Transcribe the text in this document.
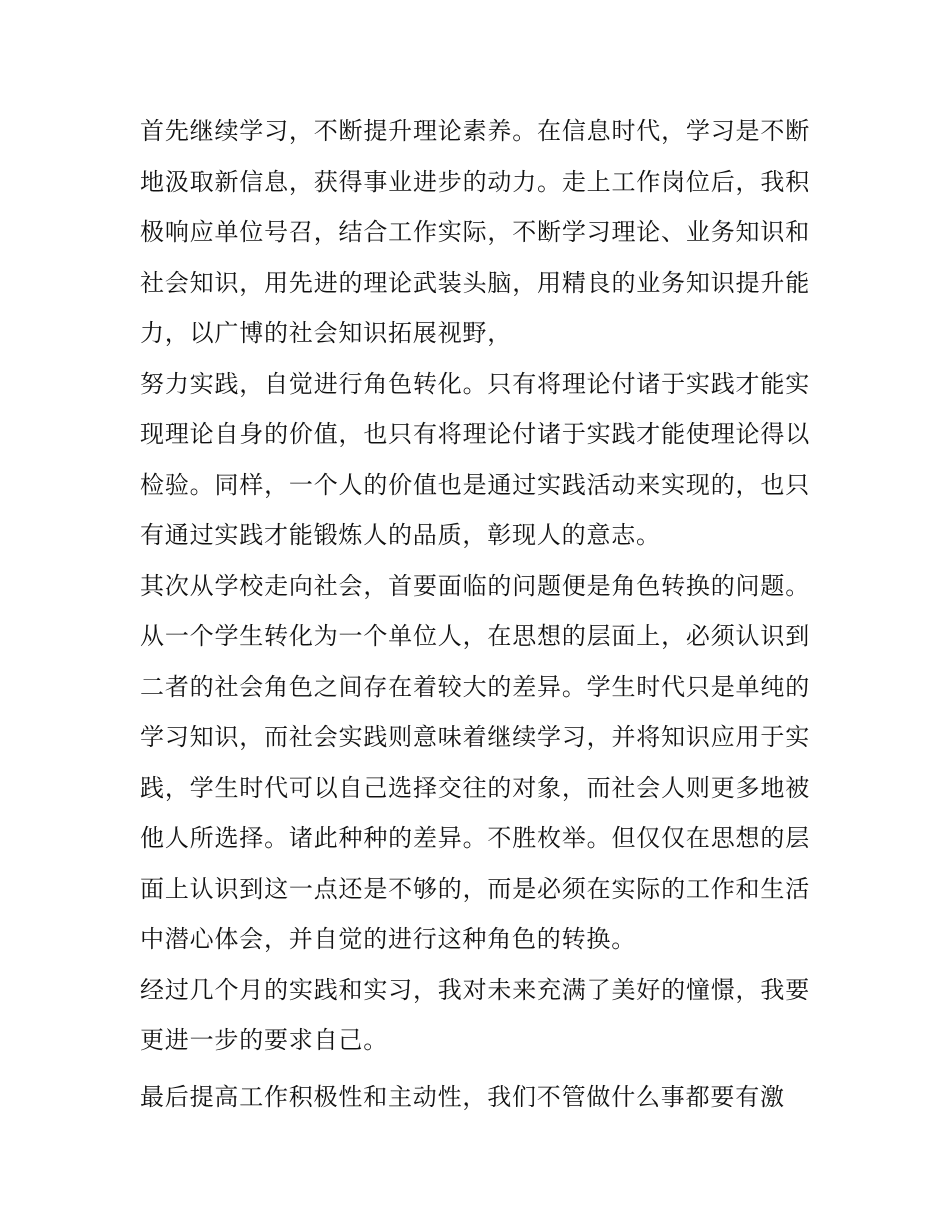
首先继续学习，不断提升理论素养。在信息时代，学习是不断地汲取新信息，获得事业进步的动力。走上工作岗位后，我积极响应单位号召，结合工作实际，不断学习理论、业务知识和社会知识，用先进的理论武装头脑，用精良的业务知识提升能力，以广博的社会知识拓展视野，

努力实践，自觉进行角色转化。只有将理论付诸于实践才能实现理论自身的价值，也只有将理论付诸于实践才能使理论得以检验。同样，一个人的价值也是通过实践活动来实现的，也只有通过实践才能锻炼人的品质，彰现人的意志。

其次从学校走向社会，首要面临的问题便是角色转换的问题。从一个学生转化为一个单位人，在思想的层面上，必须认识到二者的社会角色之间存在着较大的差异。学生时代只是单纯的学习知识，而社会实践则意味着继续学习，并将知识应用于实践，学生时代可以自己选择交往的对象，而社会人则更多地被他人所选择。诸此种种的差异。不胜枚举。但仅仅在思想的层面上认识到这一点还是不够的，而是必须在实际的工作和生活中潜心体会，并自觉的进行这种角色的转换。

经过几个月的实践和实习，我对未来充满了美好的憧憬，我要更进一步的要求自己。

最后提高工作积极性和主动性，我们不管做什么事都要有激
